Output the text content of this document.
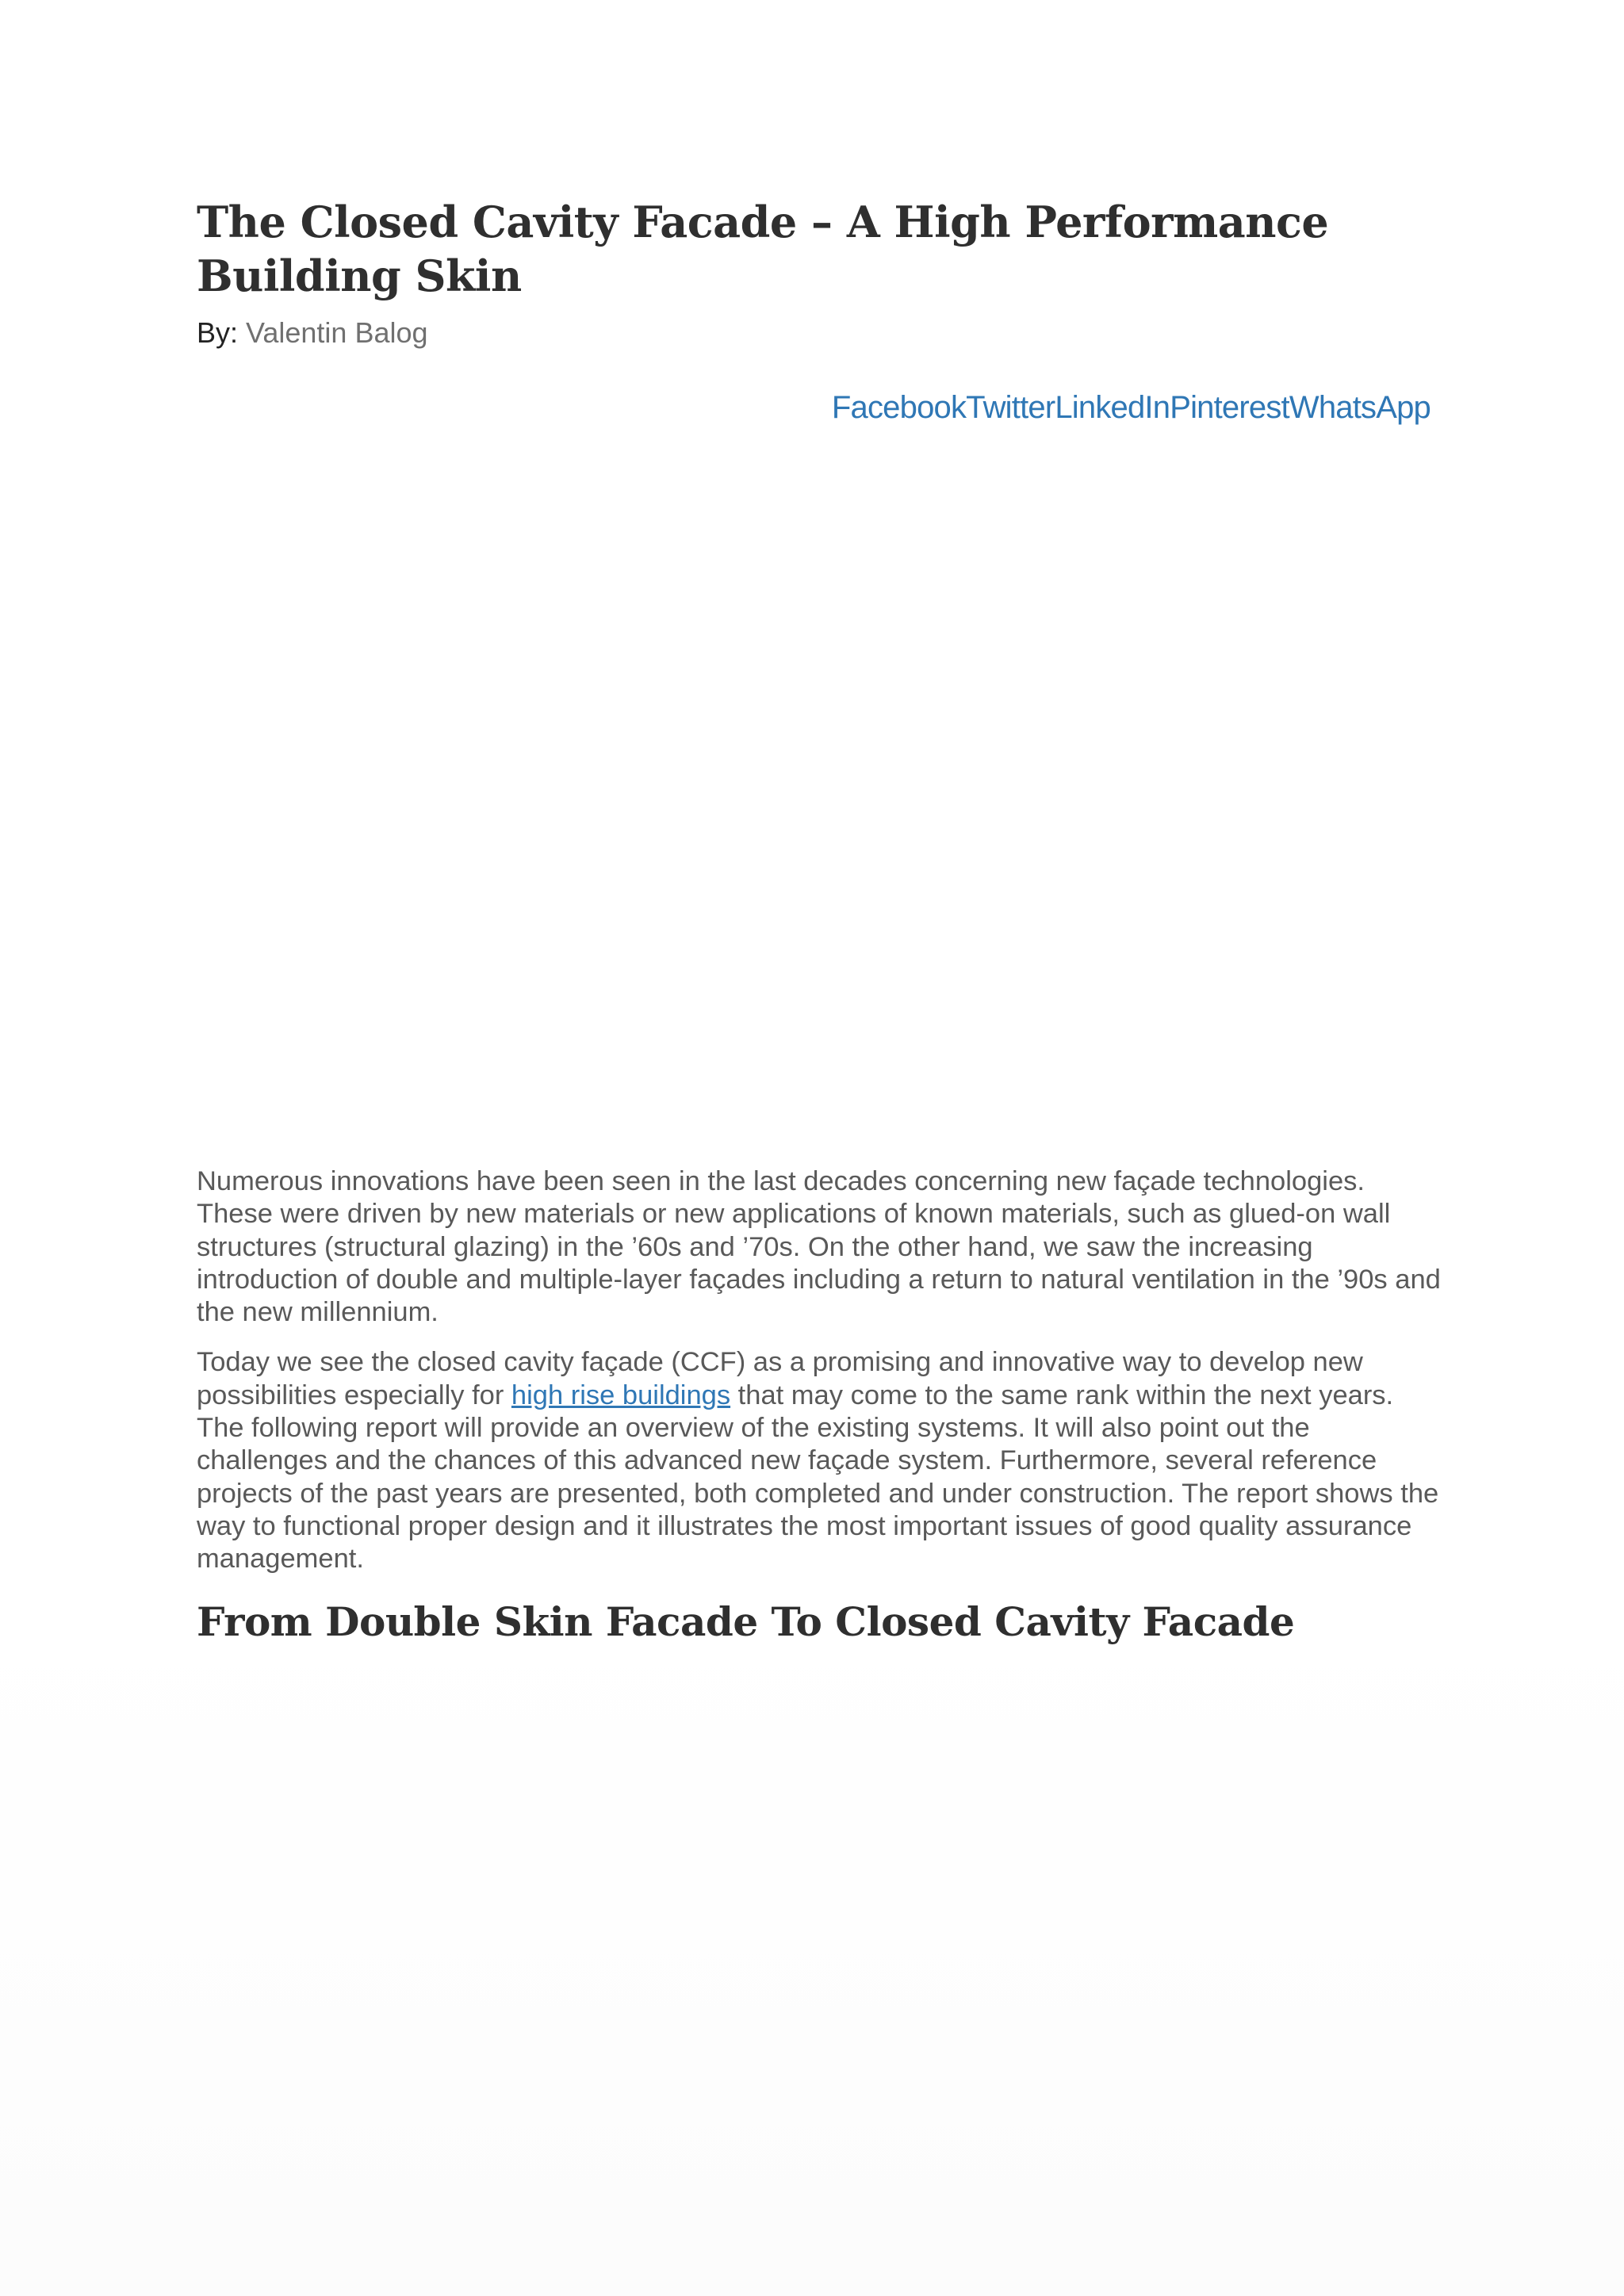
The Closed Cavity Facade – A High Performance Building Skin
By: Valentin Balog
FacebookTwitterLinkedInPinterestWhatsApp

Numerous innovations have been seen in the last decades concerning new façade technologies. These were driven by new materials or new applications of known materials, such as glued-on wall structures (structural glazing) in the ’60s and ’70s. On the other hand, we saw the increasing introduction of double and multiple-layer façades including a return to natural ventilation in the ’90s and the new millennium.

Today we see the closed cavity façade (CCF) as a promising and innovative way to develop new possibilities especially for high rise buildings that may come to the same rank within the next years. The following report will provide an overview of the existing systems. It will also point out the challenges and the chances of this advanced new façade system. Furthermore, several reference projects of the past years are presented, both completed and under construction. The report shows the way to functional proper design and it illustrates the most important issues of good quality assurance management.

From Double Skin Facade To Closed Cavity Facade
